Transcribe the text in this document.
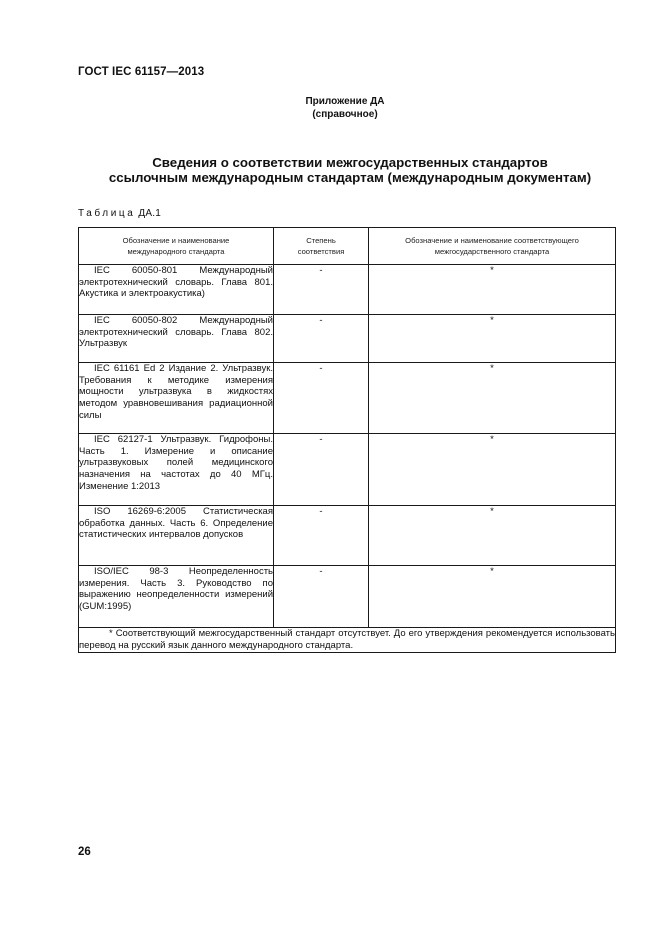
ГОСТ IEC 61157—2013
Приложение ДА
(справочное)
Сведения о соответствии межгосударственных стандартов
ссылочным международным стандартам (международным документам)
Таблица ДА.1
Обозначение и наименование международного стандарта	Степень соответствия	Обозначение и наименование соответствующего межгосударственного стандарта

IEC 60050-801 Международный электротехнический словарь. Глава 801. Акустика и электроакустика)	-	*

IEC 60050-802 Международный электротехнический словарь. Глава 802. Ультразвук	-	*

IEC 61161 Ed 2 Издание 2. Ультразвук. Требования к методике измерения мощности ультразвука в жидкостях методом уравновешивания радиационной силы	-	*

IEC 62127-1 Ультразвук. Гидрофоны. Часть 1. Измерение и описание ультразвуковых полей медицинского назначения на частотах до 40 МГц. Изменение 1:2013	-	*

ISO 16269-6:2005 Статистическая обработка данных. Часть 6. Определение статистических интервалов допусков	-	*

ISO/IEC 98-3 Неопределенность измерения. Часть 3. Руководство по выражению неопределенности измерений (GUM:1995)	-	*

* Соответствующий межгосударственный стандарт отсутствует. До его утверждения рекомендуется использовать перевод на русский язык данного международного стандарта.		
26
